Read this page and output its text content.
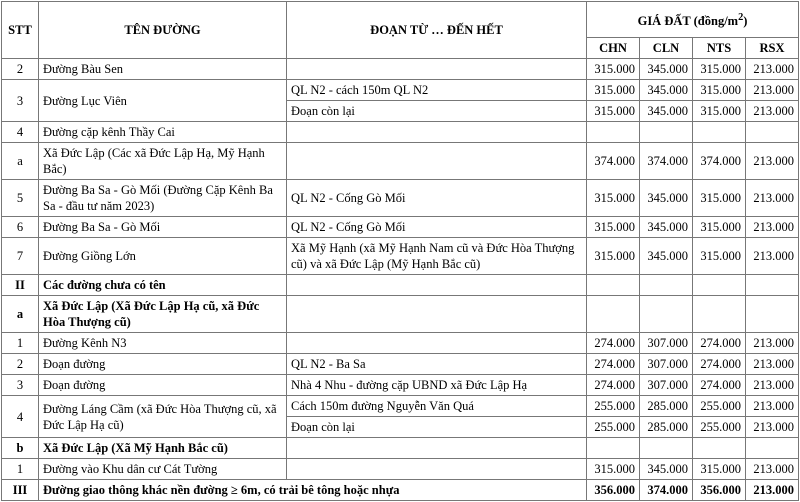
STT	TÊN ĐƯỜNG	ĐOẠN TỪ … ĐẾN HẾT	GIÁ ĐẤT $(đồng/m^2)$			
			CHN	CLN	NTS	RSX
2	Đường Bàu Sen		315.000	345.000	315.000	213.000
3	Đường Lục Viên	QL N2 - cách 150m QL N2	315.000	345.000	315.000	213.000
		Đoạn còn lại	315.000	345.000	315.000	213.000
4	Đường cặp kênh Thầy Cai					
a	Xã Đức Lập (Các xã Đức Lập Hạ, Mỹ Hạnh Bắc)		374.000	374.000	374.000	213.000
5	Đường Ba Sa - Gò Mối (Đường Cặp Kênh Ba Sa - đầu tư năm 2023)	QL N2 - Cống Gò Mối	315.000	345.000	315.000	213.000
6	Đường Ba Sa - Gò Mối	QL N2 - Cống Gò Mối	315.000	345.000	315.000	213.000
7	Đường Giồng Lớn	Xã Mỹ Hạnh (xã Mỹ Hạnh Nam cũ và Đức Hòa Thượng cũ) và xã Đức Lập (Mỹ Hạnh Bắc cũ)	315.000	345.000	315.000	213.000
II	Các đường chưa có tên					
a	Xã Đức Lập (Xã Đức Lập Hạ cũ, xã Đức Hòa Thượng cũ)					
1	Đường Kênh N3		274.000	307.000	274.000	213.000
2	Đoạn đường	QL N2 - Ba Sa	274.000	307.000	274.000	213.000
3	Đoạn đường	Nhà 4 Nhu - đường cặp UBND xã Đức Lập Hạ	274.000	307.000	274.000	213.000
4	Đường Láng Cầm (xã Đức Hòa Thượng cũ, xã Đức Lập Hạ cũ)	Cách 150m đường Nguyễn Văn Quá	255.000	285.000	255.000	213.000
		Đoạn còn lại	255.000	285.000	255.000	213.000
b	Xã Đức Lập (Xã Mỹ Hạnh Bắc cũ)					
1	Đường vào Khu dân cư Cát Tường		315.000	345.000	315.000	213.000
III	Đường giao thông khác nền đường ≥ 6m, có trải bê tông hoặc nhựa		356.000	374.000	356.000	213.000
